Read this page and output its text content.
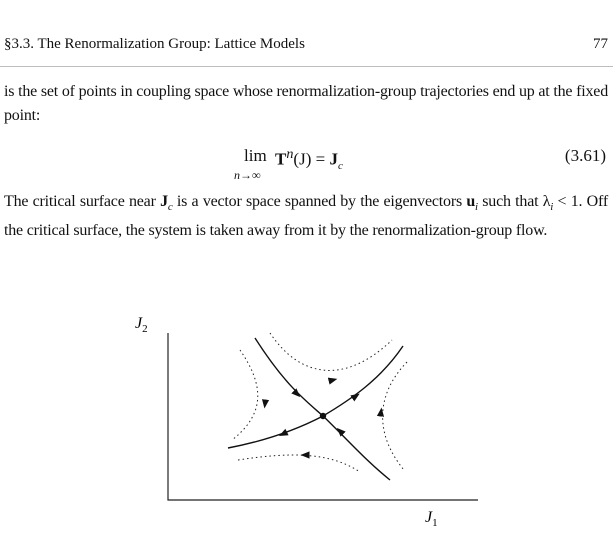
§3.3. The Renormalization Group: Lattice Models	77
is the set of points in coupling space whose renormalization-group trajectories end up at the fixed point:
lim
n→∞
$T^n(J) = J_c$
(3.61)
The critical surface near $J_c$ is a vector space spanned by the eigenvectors $u_i$ such that $\lambda_i < 1$. Off the critical surface, the system is taken away from it by the renormalization-group flow.
$J_2$
$J_1$
